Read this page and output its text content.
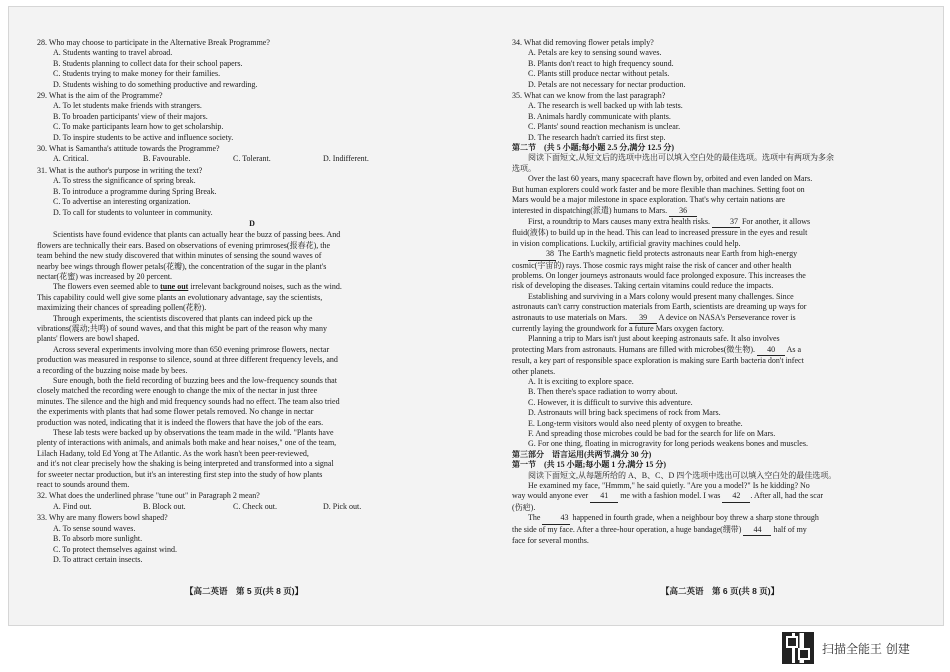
28. Who may choose to participate in the Alternative Break Programme?
A. Students wanting to travel abroad.
B. Students planning to collect data for their school papers.
C. Students trying to make money for their families.
D. Students wishing to do something productive and rewarding.
29. What is the aim of the Programme?
A. To let students make friends with strangers.
B. To broaden participants' view of their majors.
C. To make participants learn how to get scholarship.
D. To inspire students to be active and influence society.
30. What is Samantha's attitude towards the Programme?
A. Critical.	B. Favourable.	C. Tolerant.	D. Indifferent.
31. What is the author's purpose in writing the text?
A. To stress the significance of spring break.
B. To introduce a programme during Spring Break.
C. To advertise an interesting organization.
D. To call for students to volunteer in community.
D
Scientists have found evidence that plants can actually hear the buzz of passing bees. And
flowers are technically their ears. Based on observations of evening primroses(报春花), the
team behind the new study discovered that within minutes of sensing the sound waves of
nearby bee wings through flower petals(花瓣), the concentration of the sugar in the plant's
nectar(花蜜) was increased by 20 percent.
The flowers even seemed able to tune out irrelevant background noises, such as the wind.
This capability could well give some plants an evolutionary advantage, say the scientists,
maximizing their chances of spreading pollen(花粉).
Through experiments, the scientists discovered that plants can indeed pick up the
vibrations(震动;共鸣) of sound waves, and that this might be part of the reason why many
plants' flowers are bowl shaped.
Across several experiments involving more than 650 evening primrose flowers, nectar
production was measured in response to silence, sound at three different frequency levels, and
a recording of the buzzing noise made by bees.
Sure enough, both the field recording of buzzing bees and the low-frequency sounds that
closely matched the recording were enough to change the mix of the nectar in just three
minutes. The silence and the high and mid frequency sounds had no effect. The team also tried
the experiments with plants that had some flower petals removed. No change in nectar
production was noted, indicating that it is indeed the flowers that have the job of the ears.
These lab tests were backed up by observations the team made in the wild. "Plants have
plenty of interactions with animals, and animals both make and hear noises," one of the team,
Lilach Hadany, told Ed Yong at The Atlantic. As the work hasn't been peer-reviewed,
and it's not clear precisely how the shaking is being interpreted and transformed into a signal
for sweeter nectar production, but it's an interesting first step into the study of how plants
react to sounds around them.
32. What does the underlined phrase "tune out" in Paragraph 2 mean?
A. Find out.	B. Block out.	C. Check out.	D. Pick out.
33. Why are many flowers bowl shaped?
A. To sense sound waves.
B. To absorb more sunlight.
C. To protect themselves against wind.
D. To attract certain insects.
34. What did removing flower petals imply?
A. Petals are key to sensing sound waves.
B. Plants don't react to high frequency sound.
C. Plants still produce nectar without petals.
D. Petals are not necessary for nectar production.
35. What can we know from the last paragraph?
A. The research is well backed up with lab tests.
B. Animals hardly communicate with plants.
C. Plants' sound reaction mechanism is unclear.
D. The research hadn't carried its first step.
第二节　(共 5 小题;每小题 2.5 分,满分 12.5 分)
阅读下面短文,从短文后的选项中选出可以填入空白处的最佳选项。选项中有两项为多余
选项。
Over the last 60 years, many spacecraft have flown by, orbited and even landed on Mars.
But human explorers could work faster and be more flexible than machines. Setting foot on
Mars would be a major milestone in space exploration. That's why certain nations are
interested in dispatching(派遣) humans to Mars. 36
First, a roundtrip to Mars causes many extra health risks. 37 For another, it allows
fluid(液体) to build up in the head. This can lead to increased pressure in the eyes and result
in vision complications. Luckily, artificial gravity machines could help.
38 The Earth's magnetic field protects astronauts near Earth from high-energy
cosmic(宇宙的) rays. Those cosmic rays might raise the risk of cancer and other health
problems. On longer journeys astronauts would face prolonged exposure. This increases the
risk of developing the diseases. Taking certain vitamins could reduce the impacts.
Establishing and surviving in a Mars colony would present many challenges. Since
astronauts can't carry construction materials from Earth, scientists are dreaming up ways for
astronauts to use materials on Mars. 39 A device on NASA's Perseverance rover is
currently laying the groundwork for a future Mars oxygen factory.
Planning a trip to Mars isn't just about keeping astronauts safe. It also involves
protecting Mars from astronauts. Humans are filled with microbes(微生物). 40 As a
result, a key part of responsible space exploration is making sure Earth bacteria don't infect
other planets.
A. It is exciting to explore space.
B. Then there's space radiation to worry about.
C. However, it is difficult to survive this adventure.
D. Astronauts will bring back specimens of rock from Mars.
E. Long-term visitors would also need plenty of oxygen to breathe.
F. And spreading those microbes could be bad for the search for life on Mars.
G. For one thing, floating in microgravity for long periods weakens bones and muscles.
第三部分　语言运用(共两节,满分 30 分)
第一节　(共 15 小题;每小题 1 分,满分 15 分)
阅读下面短文,从每题所给的 A、B、C、D 四个选项中选出可以填入空白处的最佳选项。
He examined my face, "Hmmm," he said quietly. "Are you a model?" Is he kidding? No
way would anyone ever 41 me with a fashion model. I was 42 . After all, had the scar
(伤疤).
The 43 happened in fourth grade, when a neighbour boy threw a sharp stone through
the side of my face. After a three-hour operation, a huge bandage(绷带) 44 half of my
face for several months.
【高二英语　第 5 页(共 8 页)】	【高二英语　第 6 页(共 8 页)】
扫描全能王 创建
